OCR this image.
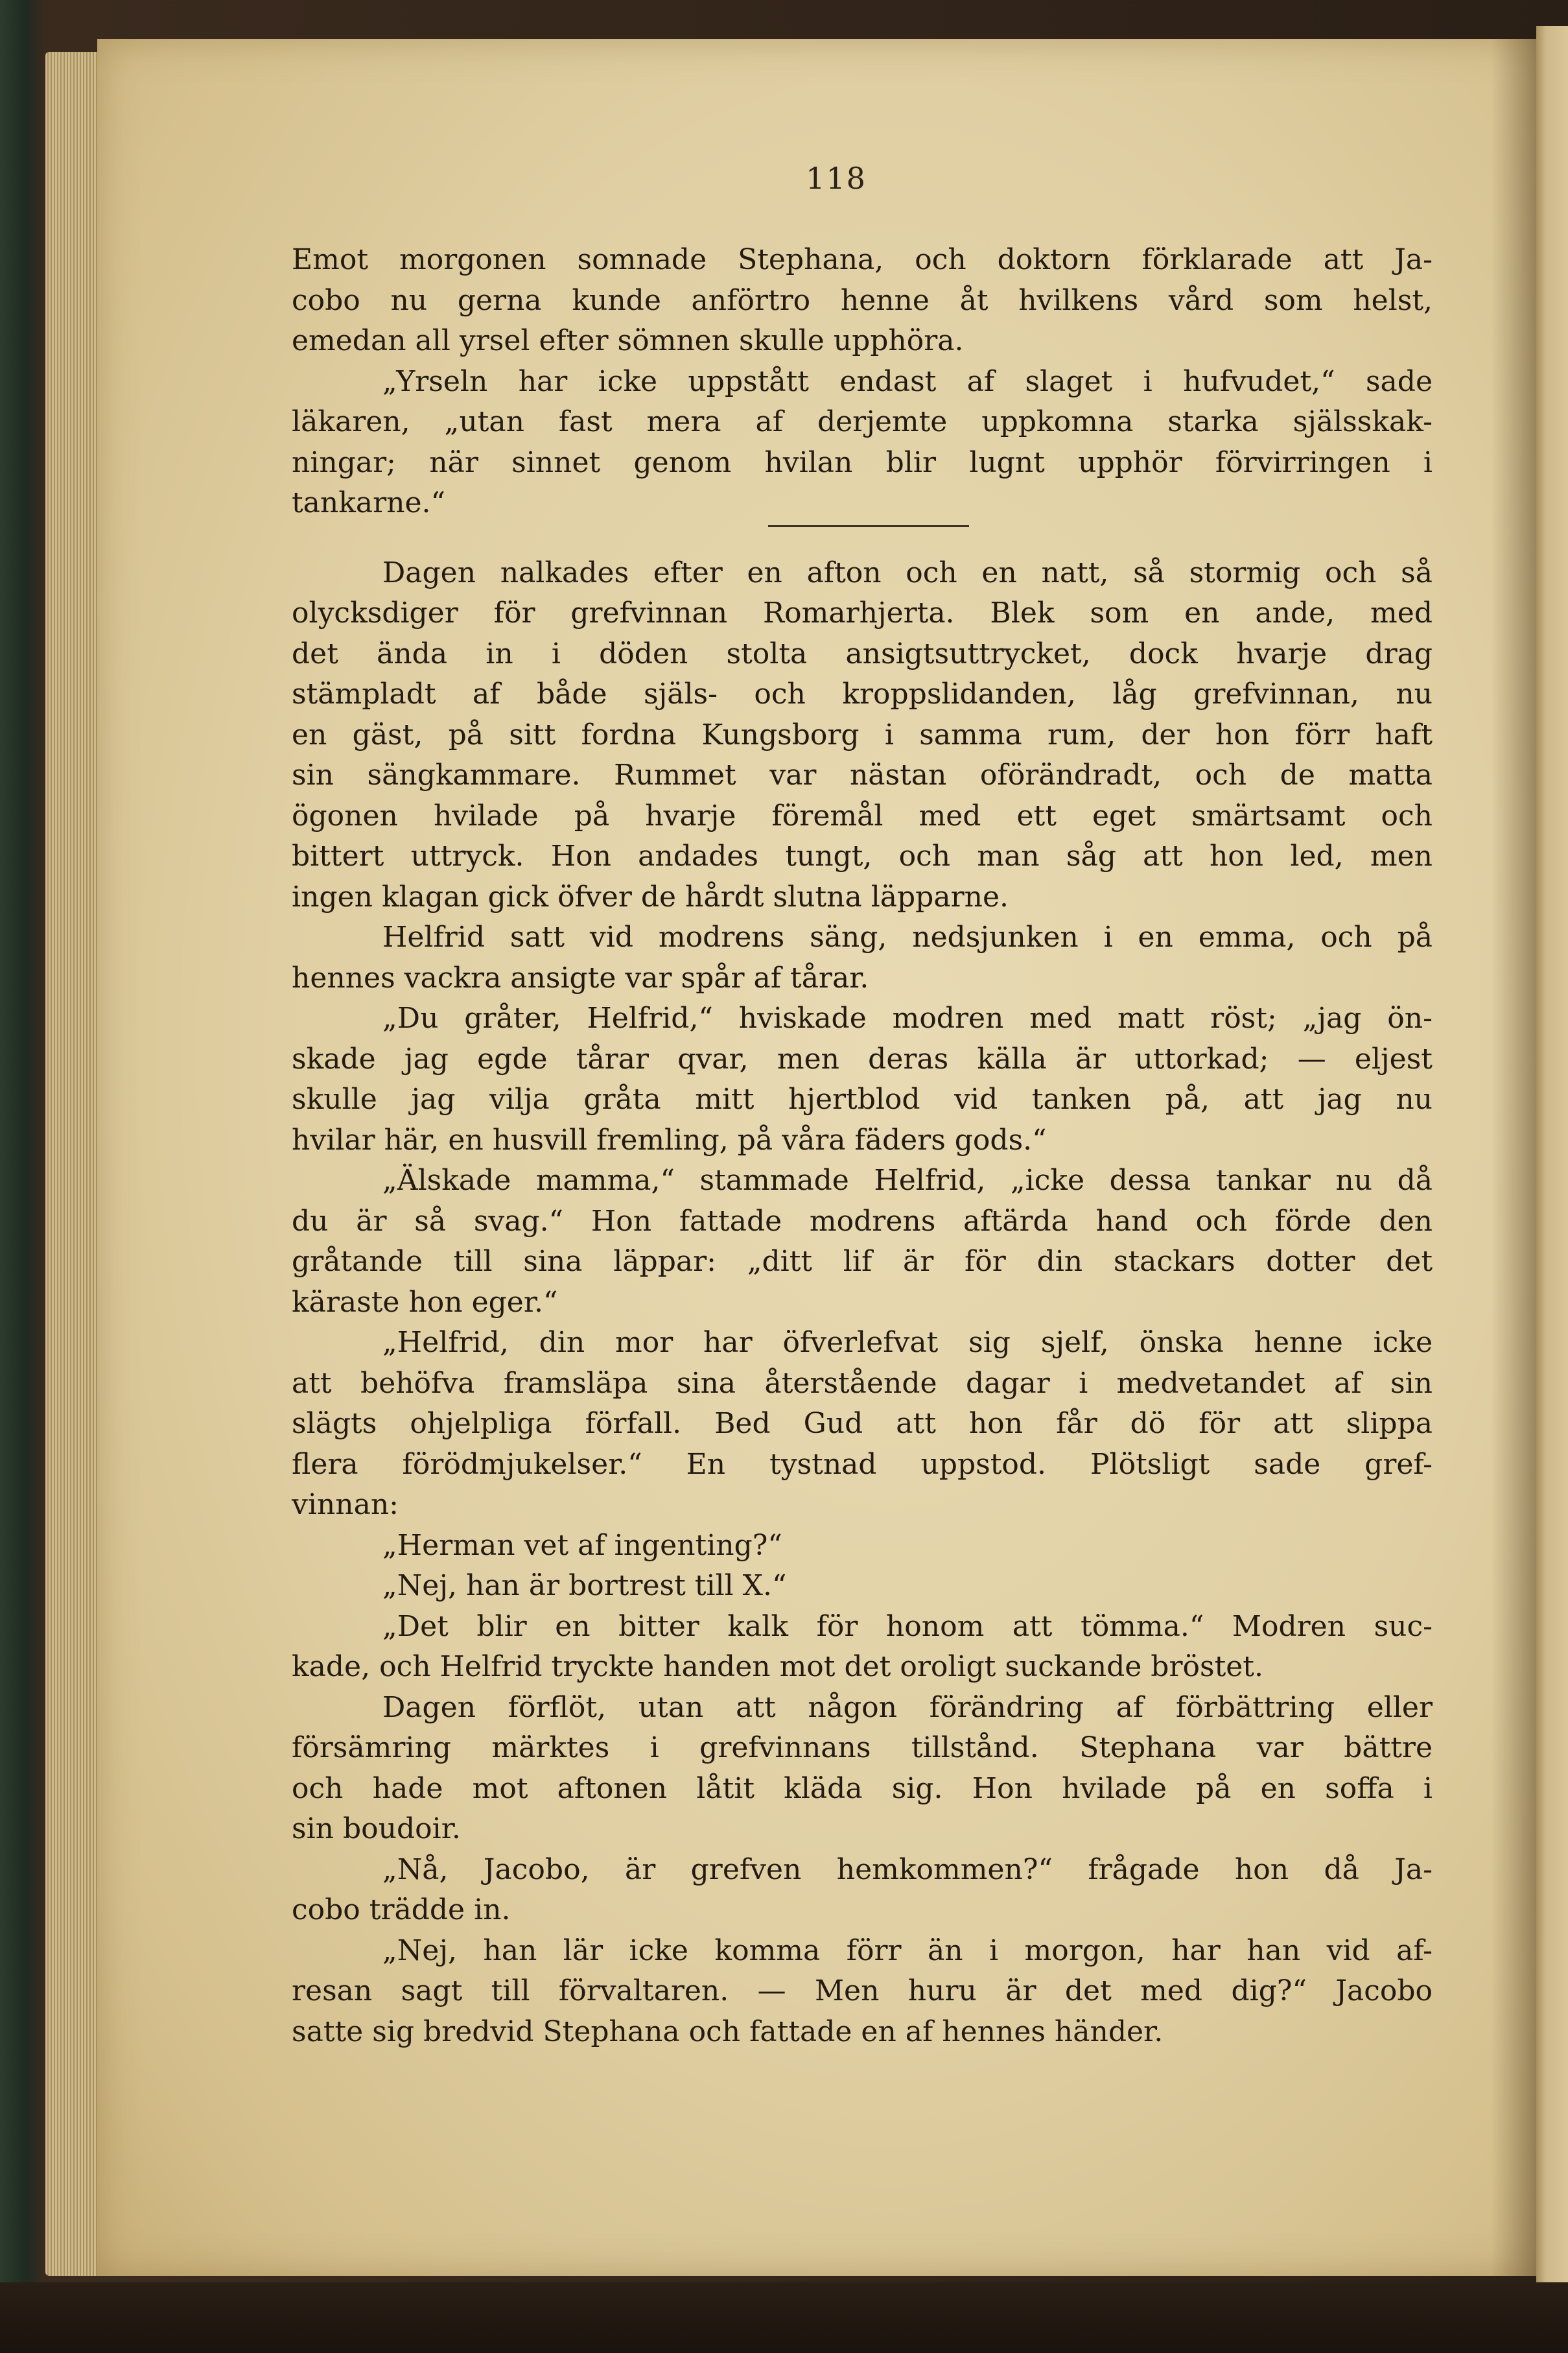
118
Emot morgonen somnade Stephana, och doktorn förklarade att Ja-
cobo nu gerna kunde anförtro henne åt hvilkens vård som helst,
emedan all yrsel efter sömnen skulle upphöra.
„Yrseln har icke uppstått endast af slaget i hufvudet,“ sade
läkaren, „utan fast mera af derjemte uppkomna starka själsskak-
ningar; när sinnet genom hvilan blir lugnt upphör förvirringen i
tankarne.“
Dagen nalkades efter en afton och en natt, så stormig och så
olycksdiger för grefvinnan Romarhjerta. Blek som en ande, med
det ända in i döden stolta ansigtsuttrycket, dock hvarje drag
stämpladt af både själs- och kroppslidanden, låg grefvinnan, nu
en gäst, på sitt fordna Kungsborg i samma rum, der hon förr haft
sin sängkammare. Rummet var nästan oförändradt, och de matta
ögonen hvilade på hvarje föremål med ett eget smärtsamt och
bittert uttryck. Hon andades tungt, och man såg att hon led, men
ingen klagan gick öfver de hårdt slutna läpparne.
Helfrid satt vid modrens säng, nedsjunken i en emma, och på
hennes vackra ansigte var spår af tårar.
„Du gråter, Helfrid,“ hviskade modren med matt röst; „jag ön-
skade jag egde tårar qvar, men deras källa är uttorkad; — eljest
skulle jag vilja gråta mitt hjertblod vid tanken på, att jag nu
hvilar här, en husvill fremling, på våra fäders gods.“
„Älskade mamma,“ stammade Helfrid, „icke dessa tankar nu då
du är så svag.“ Hon fattade modrens aftärda hand och förde den
gråtande till sina läppar: „ditt lif är för din stackars dotter det
käraste hon eger.“
„Helfrid, din mor har öfverlefvat sig sjelf, önska henne icke
att behöfva framsläpa sina återstående dagar i medvetandet af sin
slägts ohjelpliga förfall. Bed Gud att hon får dö för att slippa
flera förödmjukelser.“ En tystnad uppstod. Plötsligt sade gref-
vinnan:
„Herman vet af ingenting?“
„Nej, han är bortrest till X.“
„Det blir en bitter kalk för honom att tömma.“ Modren suc-
kade, och Helfrid tryckte handen mot det oroligt suckande bröstet.
Dagen förflöt, utan att någon förändring af förbättring eller
försämring märktes i grefvinnans tillstånd. Stephana var bättre
och hade mot aftonen låtit kläda sig. Hon hvilade på en soffa i
sin boudoir.
„Nå, Jacobo, är grefven hemkommen?“ frågade hon då Ja-
cobo trädde in.
„Nej, han lär icke komma förr än i morgon, har han vid af-
resan sagt till förvaltaren. — Men huru är det med dig?“ Jacobo
satte sig bredvid Stephana och fattade en af hennes händer.
